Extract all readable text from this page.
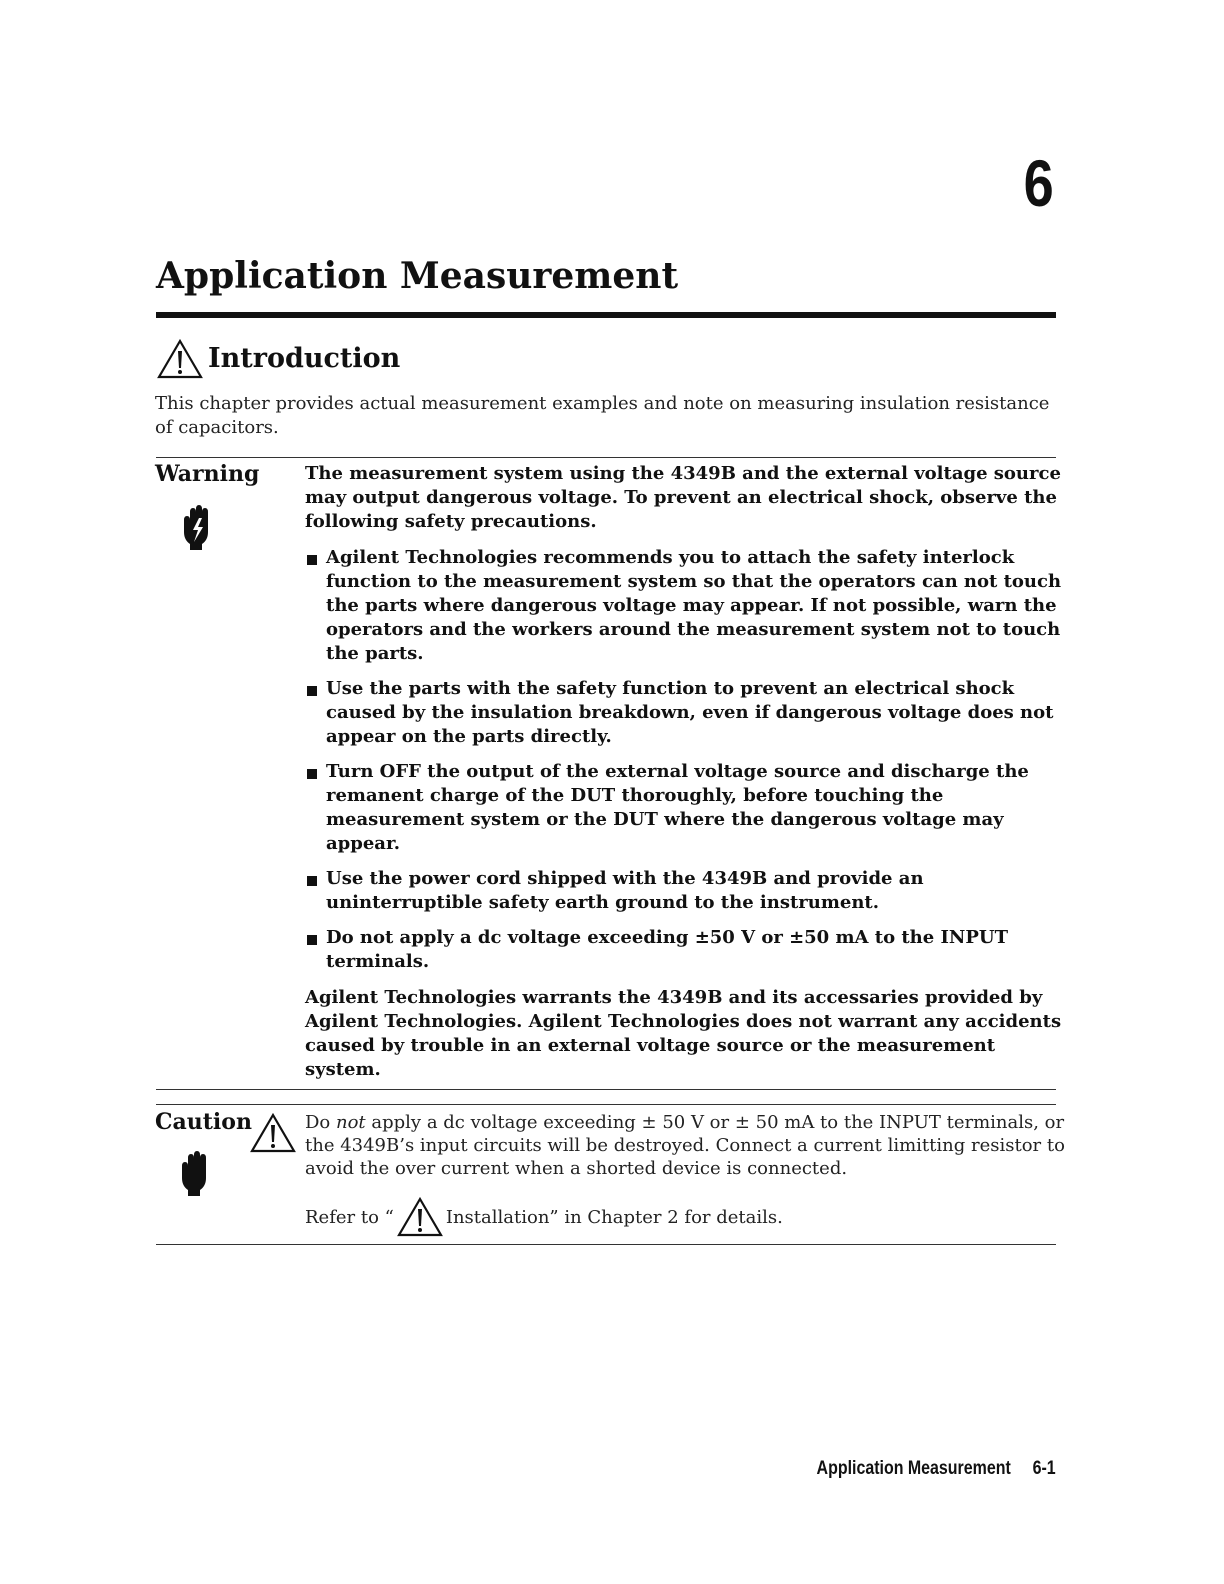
6
Application Measurement
Introduction

This chapter provides actual measurement examples and note on measuring insulation resistance of capacitors.

Warning	The measurement system using the 4349B and the external voltage source may output dangerous voltage. To prevent an electrical shock, observe the following safety precautions.

Agilent Technologies recommends you to attach the safety interlock function to the measurement system so that the operators can not touch the parts where dangerous voltage may appear. If not possible, warn the operators and the workers around the measurement system not to touch the parts.
Use the parts with the safety function to prevent an electrical shock caused by the insulation breakdown, even if dangerous voltage does not appear on the parts directly.
Turn OFF the output of the external voltage source and discharge the remanent charge of the DUT thoroughly, before touching the measurement system or the DUT where the dangerous voltage may appear.
Use the power cord shipped with the 4349B and provide an uninterruptible safety earth ground to the instrument.
Do not apply a dc voltage exceeding ±50 V or ±50 mA to the INPUT terminals.

Agilent Technologies warrants the 4349B and its accessaries provided by Agilent Technologies. Agilent Technologies does not warrant any accidents caused by trouble in an external voltage source or the measurement system.

Caution	Do not apply a dc voltage exceeding ± 50 V or ± 50 mA to the INPUT terminals, or the 4349B’s input circuits will be destroyed. Connect a current limitting resistor to avoid the over current when a shorted device is connected.

Refer to “	Installation” in Chapter 2 for details.
Application Measurement 6-1
